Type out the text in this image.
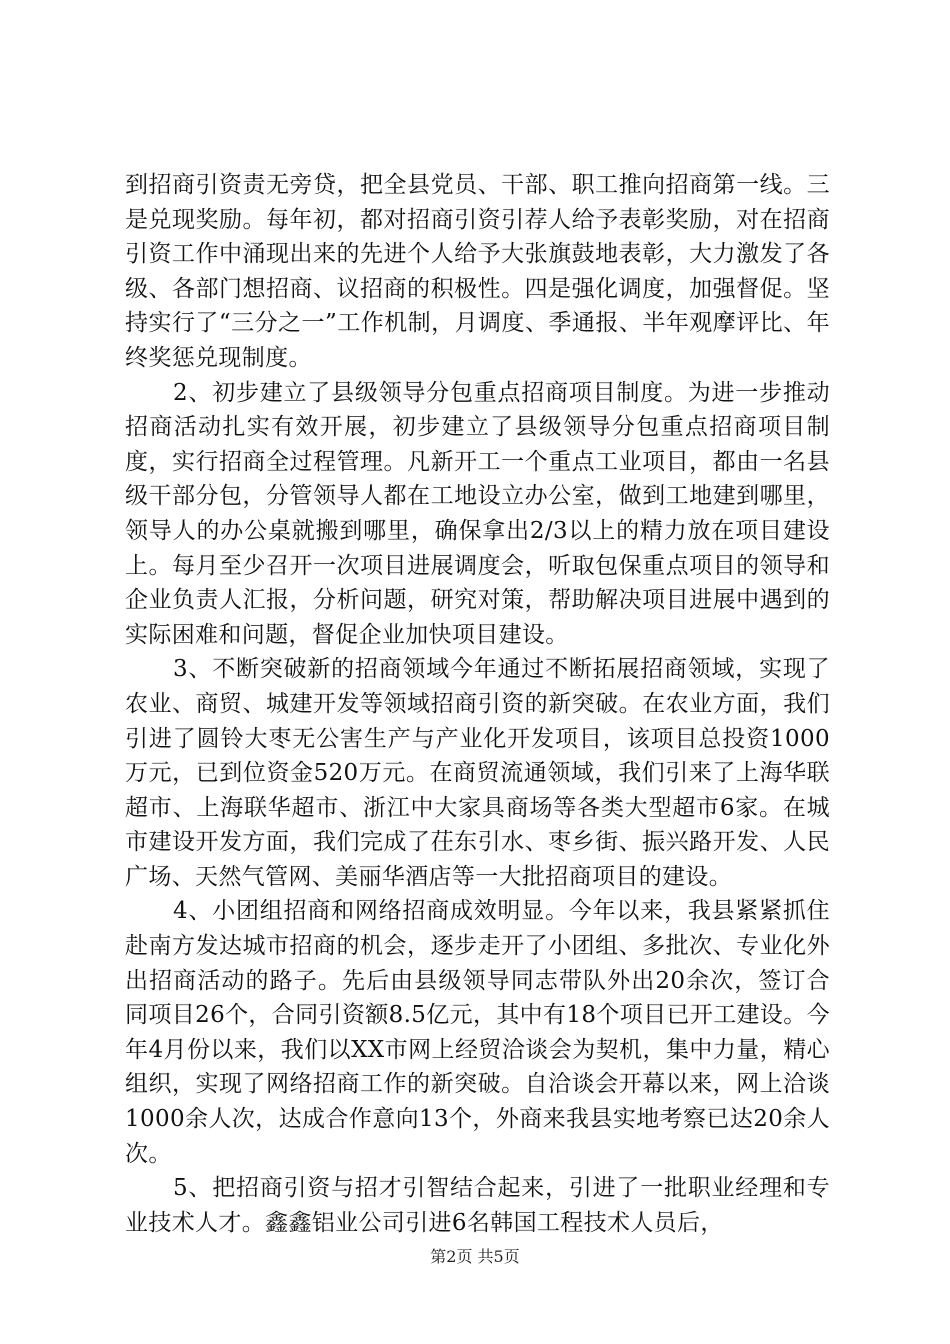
到招商引资责无旁贷，把全县党员、干部、职工推向招商第一线。三是兑现奖励。每年初，都对招商引资引荐人给予表彰奖励，对在招商引资工作中涌现出来的先进个人给予大张旗鼓地表彰，大力激发了各级、各部门想招商、议招商的积极性。四是强化调度，加强督促。坚持实行了“三分之一”工作机制，月调度、季通报、半年观摩评比、年终奖惩兑现制度。

2、初步建立了县级领导分包重点招商项目制度。为进一步推动招商活动扎实有效开展，初步建立了县级领导分包重点招商项目制度，实行招商全过程管理。凡新开工一个重点工业项目，都由一名县级干部分包，分管领导人都在工地设立办公室，做到工地建到哪里，领导人的办公桌就搬到哪里，确保拿出2/3以上的精力放在项目建设上。每月至少召开一次项目进展调度会，听取包保重点项目的领导和企业负责人汇报，分析问题，研究对策，帮助解决项目进展中遇到的实际困难和问题，督促企业加快项目建设。

3、不断突破新的招商领域今年通过不断拓展招商领域，实现了农业、商贸、城建开发等领域招商引资的新突破。在农业方面，我们引进了圆铃大枣无公害生产与产业化开发项目，该项目总投资1000万元，已到位资金520万元。在商贸流通领域，我们引来了上海华联超市、上海联华超市、浙江中大家具商场等各类大型超市6家。在城市建设开发方面，我们完成了茌东引水、枣乡街、振兴路开发、人民广场、天然气管网、美丽华酒店等一大批招商项目的建设。

4、小团组招商和网络招商成效明显。今年以来，我县紧紧抓住赴南方发达城市招商的机会，逐步走开了小团组、多批次、专业化外出招商活动的路子。先后由县级领导同志带队外出20余次，签订合同项目26个，合同引资额8.5亿元，其中有18个项目已开工建设。今年4月份以来，我们以XX市网上经贸洽谈会为契机，集中力量，精心组织，实现了网络招商工作的新突破。自洽谈会开幕以来，网上洽谈1000余人次，达成合作意向13个，外商来我县实地考察已达20余人次。

5、把招商引资与招才引智结合起来，引进了一批职业经理和专业技术人才。鑫鑫铝业公司引进6名韩国工程技术人员后，

第2页 共5页
